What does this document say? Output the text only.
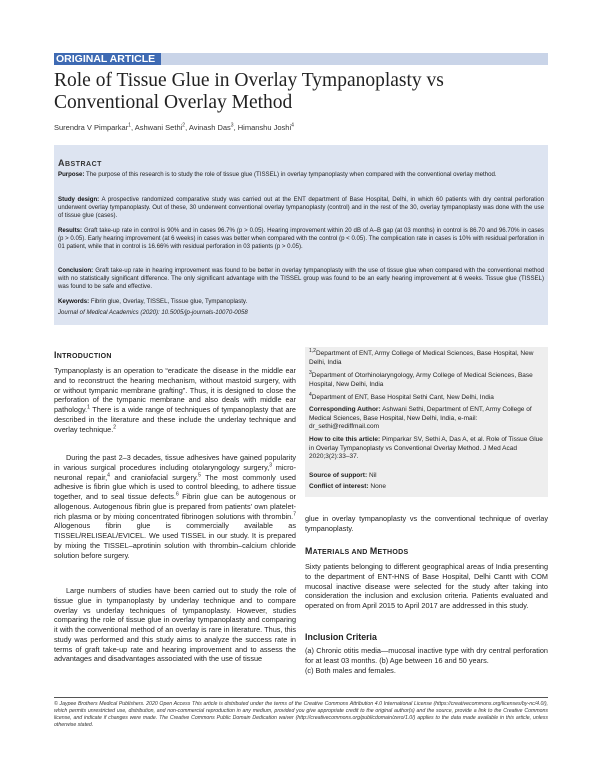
ORIGINAL ARTICLE
Role of Tissue Glue in Overlay Tympanoplasty vs
Conventional Overlay Method
Surendra V Pimparkar$^1$, Ashwani Sethi$^2$, Avinash Das$^3$, Himanshu Joshi$^4$
ABSTRACT
Purpose: The purpose of this research is to study the role of tissue glue (TISSEL) in overlay tympanoplasty when compared with the conventional overlay method.
Study design: A prospective randomized comparative study was carried out at the ENT department of Base Hospital, Delhi, in which 60 patients with dry central perforation underwent overlay tympanoplasty. Out of these, 30 underwent conventional overlay tympanoplasty (control) and in the rest of the 30, overlay tympanoplasty was done with the use of tissue glue (cases).
Results: Graft take-up rate in control is 90% and in cases 96.7% (p > 0.05). Hearing improvement within 20 dB of A–B gap (at 03 months) in control is 86.70 and 96.70% in cases (p > 0.05). Early hearing improvement (at 6 weeks) in cases was better when compared with the control (p < 0.05). The complication rate in cases is 10% with residual perforation in 01 patient, while that in control is 16.66% with residual perforation in 03 patients (p > 0.05).
Conclusion: Graft take-up rate in hearing improvement was found to be better in overlay tympanoplasty with the use of tissue glue when compared with the conventional method with no statistically significant difference. The only significant advantage with the TISSEL group was found to be an early hearing improvement at 6 weeks. Tissue glue (TISSEL) was found to be safe and effective.
Keywords: Fibrin glue, Overlay, TISSEL, Tissue glue, Tympanoplasty.
Journal of Medical Academics (2020): 10.5005/jp-journals-10070-0058
INTRODUCTION
Tympanoplasty is an operation to “eradicate the disease in the middle ear and to reconstruct the hearing mechanism, without mastoid surgery, with or without tympanic membrane grafting”. Thus, it is designed to close the perforation of the tympanic membrane and also deals with middle ear pathology.$^1$ There is a wide range of techniques of tympanoplasty that are described in the literature and these include the underlay technique and overlay technique.$^2$
During the past 2–3 decades, tissue adhesives have gained popularity in various surgical procedures including otolaryngology surgery,$^3$ micro-neuronal repair,$^4$ and craniofacial surgery.$^5$ The most commonly used adhesive is fibrin glue which is used to control bleeding, to adhere tissue together, and to seal tissue defects.$^6$ Fibrin glue can be autogenous or allogenous. Autogenous fibrin glue is prepared from patients’ own platelet-rich plasma or by mixing concentrated fibrinogen solutions with thrombin.$^7$ Allogenous fibrin glue is commercially available as TISSEL/RELISEAL/EVICEL. We used TISSEL in our study. It is prepared by mixing the TISSEL–aprotinin solution with thrombin–calcium chloride solution before surgery.
Large numbers of studies have been carried out to study the role of tissue glue in tympanoplasty by underlay technique and to compare overlay vs underlay techniques of tympanoplasty. However, studies comparing the role of tissue glue in overlay tympanoplasty and comparing it with the conventional method of an overlay is rare in literature. Thus, this study was performed and this study aims to analyze the success rate in terms of graft take-up rate and hearing improvement and to assess the advantages and disadvantages associated with the use of tissue
$^{1,2}$Department of ENT, Army College of Medical Sciences, Base Hospital, New Delhi, India
$^3$Department of Otorhinolaryngology, Army College of Medical Sciences, Base Hospital, New Delhi, India
$^4$Department of ENT, Base Hospital Sethi Cant, New Delhi, India
Corresponding Author: Ashwani Sethi, Department of ENT, Army College of Medical Sciences, Base Hospital, New Delhi, India, e-mail: dr_sethi@rediffmail.com
How to cite this article: Pimparkar SV, Sethi A, Das A, et al. Role of Tissue Glue in Overlay Tympanoplasty vs Conventional Overlay Method. J Med Acad 2020;3(2):33–37.
Source of support: Nil
Conflict of interest: None
glue in overlay tympanoplasty vs the conventional technique of overlay tympanoplasty.
MATERIALS AND METHODS
Sixty patients belonging to different geographical areas of India presenting to the department of ENT-HNS of Base Hospital, Delhi Cantt with COM mucosal inactive disease were selected for the study after taking into consideration the inclusion and exclusion criteria. Patients evaluated and operated on from April 2015 to April 2017 are addressed in this study.
Inclusion Criteria
(a) Chronic otitis media—mucosal inactive type with dry central perforation for at least 03 months. (b) Age between 16 and 50 years.
(c) Both males and females.
© Jaypee Brothers Medical Publishers. 2020 Open Access This article is distributed under the terms of the Creative Commons Attribution 4.0 International License (https://creativecommons.org/licenses/by-nc/4.0/), which permits unrestricted use, distribution, and non-commercial reproduction in any medium, provided you give appropriate credit to the original author(s) and the source, provide a link to the Creative Commons license, and indicate if changes were made. The Creative Commons Public Domain Dedication waiver (http://creativecommons.org/publicdomain/zero/1.0/) applies to the data made available in this article, unless otherwise stated.
